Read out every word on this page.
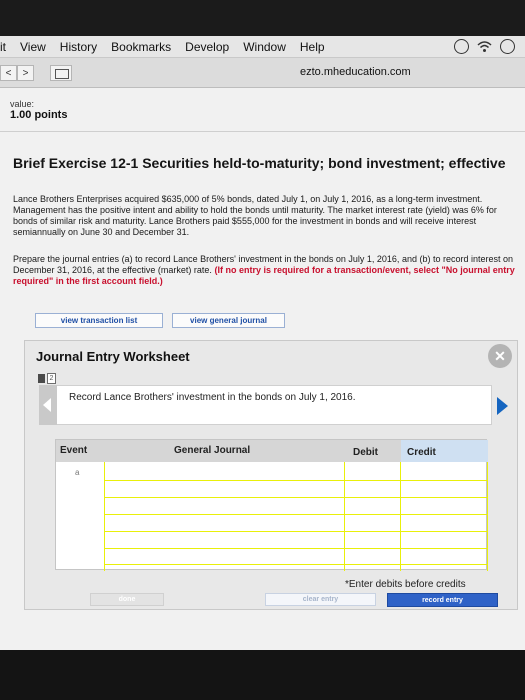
it View History Bookmarks Develop Window Help
<	>	ezto.mheducation.com
value:
1.00 points
Brief Exercise 12-1 Securities held-to-maturity; bond investment; effective
Lance Brothers Enterprises acquired $635,000 of 5% bonds, dated July 1, on July 1, 2016, as a long-term investment. Management has the positive intent and ability to hold the bonds until maturity. The market interest rate (yield) was 6% for bonds of similar risk and maturity. Lance Brothers paid $555,000 for the investment in bonds and will receive interest semiannually on June 30 and December 31.
Prepare the journal entries (a) to record Lance Brothers' investment in the bonds on July 1, 2016, and (b) to record interest on December 31, 2016, at the effective (market) rate. (If no entry is required for a transaction/event, select "No journal entry required" in the first account field.)
view transaction list	view general journal
Journal Entry Worksheet	✕
2
Record Lance Brothers' investment in the bonds on July 1, 2016.
Event	General Journal	Debit	Credit
a
*Enter debits before credits
done	clear entry	record entry
